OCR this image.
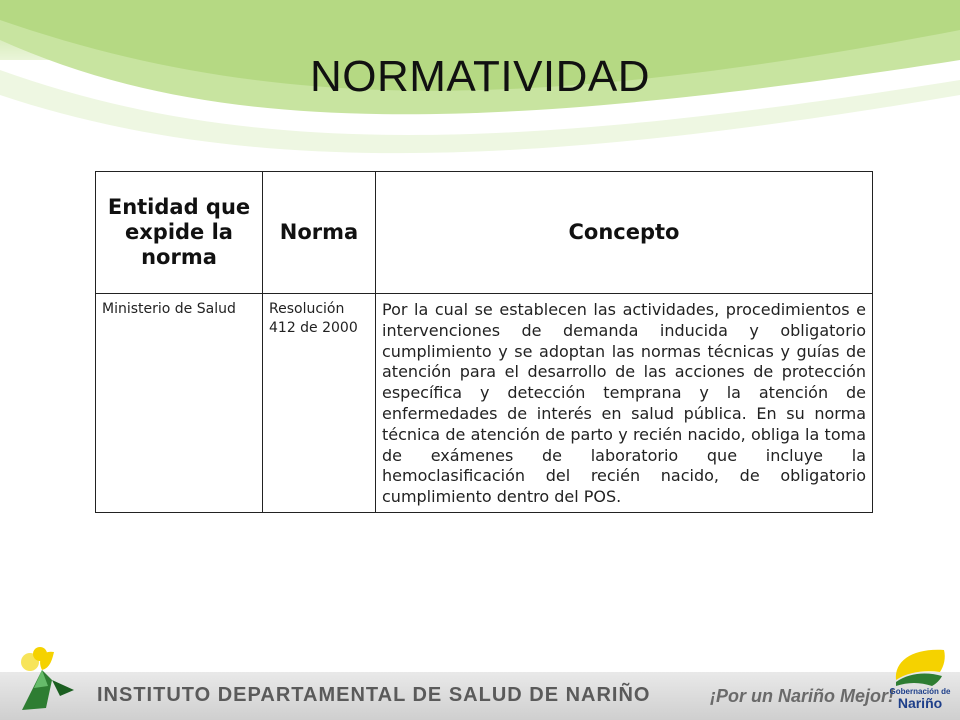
NORMATIVIDAD
Entidad que expide la norma	Norma	Concepto
Ministerio de Salud	Resolución 412 de 2000	Por la cual se establecen las actividades, procedimientos e intervenciones de demanda inducida y obligatorio cumplimiento y se adoptan las normas técnicas y guías de atención para el desarrollo de las acciones de protección específica y detección temprana y la atención de enfermedades de interés en salud pública. En su norma técnica de atención de parto y recién nacido, obliga la toma de exámenes de laboratorio que incluye la hemoclasificación del recién nacido, de obligatorio cumplimiento dentro del POS.
INSTITUTO DEPARTAMENTAL DE SALUD DE NARIÑO	¡Por un Nariño Mejor!
Gobernación de
Nariño
